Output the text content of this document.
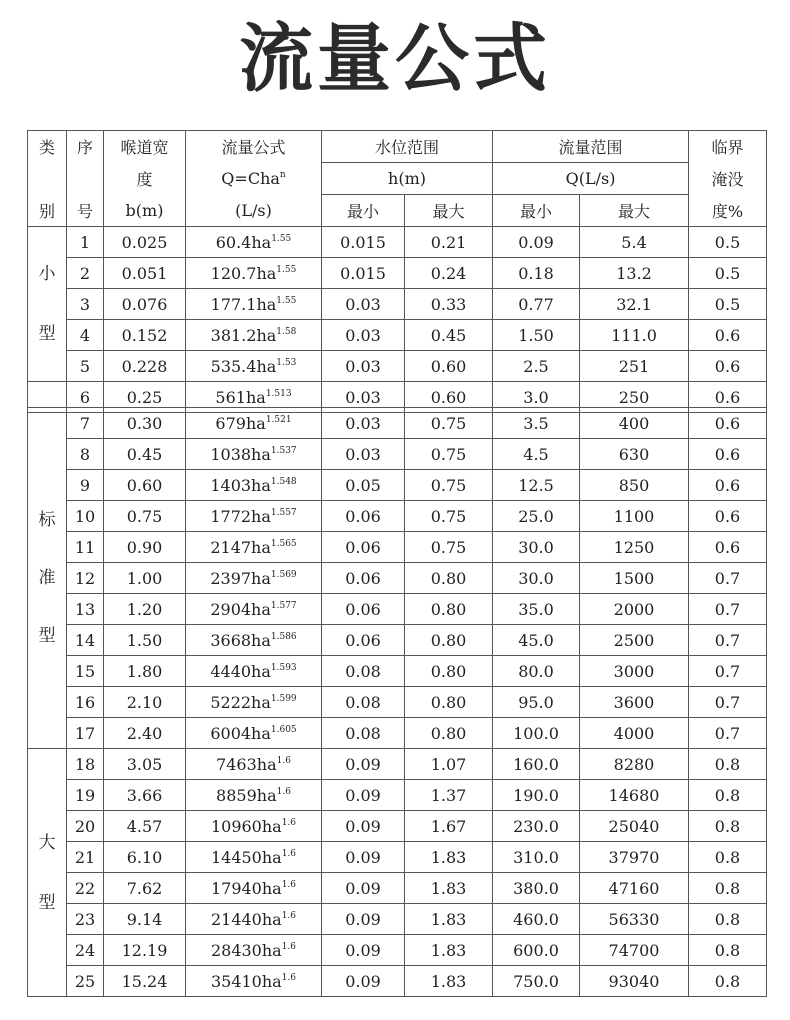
流量公式
类	序	喉道宽	流量公式	水位范围		流量范围		临界
		度	Q=Cha$^n$	h(m)		Q(L/s)		淹没
别	号	b(m)	(L/s)	最小	最大	最小	最大	度%

小
型	1	0.025	$60.4ha^{1.55}$	0.015	0.21	0.09	5.4	0.5
	2	0.051	$120.7ha^{1.55}$	0.015	0.24	0.18	13.2	0.5
	3	0.076	$177.1ha^{1.55}$	0.03	0.33	0.77	32.1	0.5
	4	0.152	$381.2ha^{1.58}$	0.03	0.45	1.50	111.0	0.6
	5	0.228	$535.4ha^{1.53}$	0.03	0.60	2.5	251	0.6
	6	0.25	$561ha^{1.513}$	0.03	0.60	3.0	250	0.6
标
准
型	7	0.30	$679ha^{1.521}$	0.03	0.75	3.5	400	0.6
	8	0.45	$1038ha^{1.537}$	0.03	0.75	4.5	630	0.6
	9	0.60	$1403ha^{1.548}$	0.05	0.75	12.5	850	0.6
	10	0.75	$1772ha^{1.557}$	0.06	0.75	25.0	1100	0.6
	11	0.90	$2147ha^{1.565}$	0.06	0.75	30.0	1250	0.6
	12	1.00	$2397ha^{1.569}$	0.06	0.80	30.0	1500	0.7
	13	1.20	$2904ha^{1.577}$	0.06	0.80	35.0	2000	0.7
	14	1.50	$3668ha^{1.586}$	0.06	0.80	45.0	2500	0.7
	15	1.80	$4440ha^{1.593}$	0.08	0.80	80.0	3000	0.7
	16	2.10	$5222ha^{1.599}$	0.08	0.80	95.0	3600	0.7
	17	2.40	$6004ha^{1.605}$	0.08	0.80	100.0	4000	0.7

大
型	18	3.05	$7463ha^{1.6}$	0.09	1.07	160.0	8280	0.8
	19	3.66	$8859ha^{1.6}$	0.09	1.37	190.0	14680	0.8
	20	4.57	$10960ha^{1.6}$	0.09	1.67	230.0	25040	0.8
	21	6.10	$14450ha^{1.6}$	0.09	1.83	310.0	37970	0.8
	22	7.62	$17940ha^{1.6}$	0.09	1.83	380.0	47160	0.8
	23	9.14	$21440ha^{1.6}$	0.09	1.83	460.0	56330	0.8
	24	12.19	$28430ha^{1.6}$	0.09	1.83	600.0	74700	0.8
	25	15.24	$35410ha^{1.6}$	0.09	1.83	750.0	93040	0.8
